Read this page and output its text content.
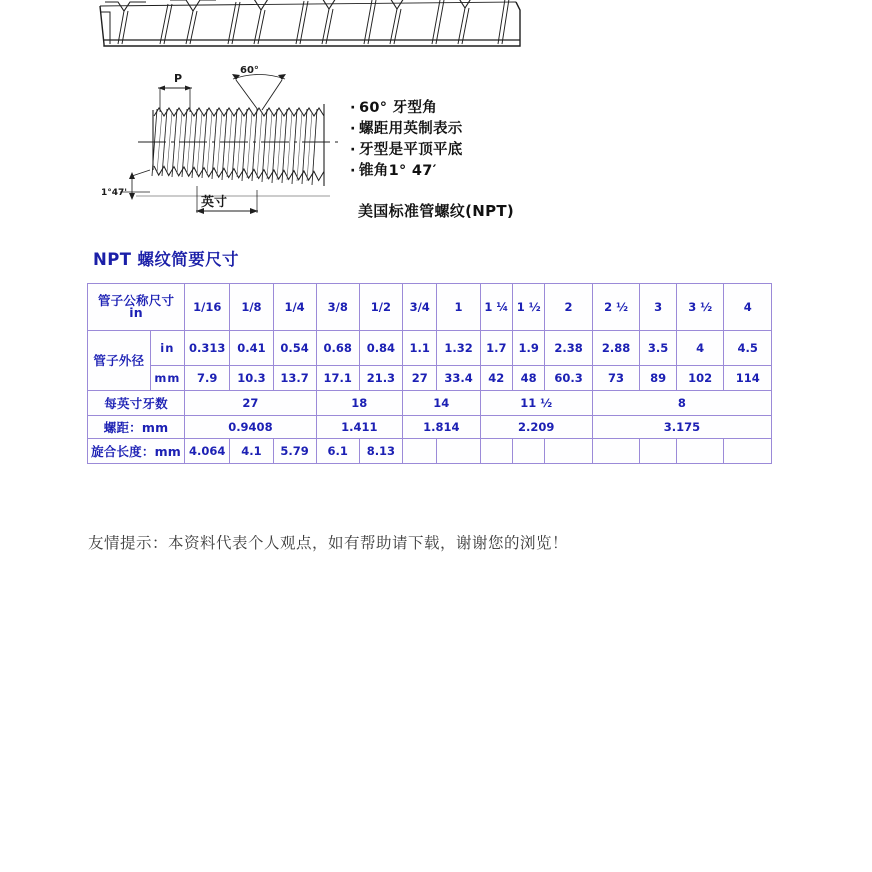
P
60°
1°47'
英寸
· 60° 牙型角
· 螺距用英制表示
· 牙型是平顶平底
· 锥角1° 47′
美国标准管螺纹(NPT)
NPT 螺纹简要尺寸
管子公称尺寸
in		1/16	1/8	1/4	3/8	1/2	3/4	1	1 ¼	1 ½	2	2 ½	3	3 ½	4
管子外径	in	0.313	0.41	0.54	0.68	0.84	1.1	1.32	1.7	1.9	2.38	2.88	3.5	4	4.5
	mm	7.9	10.3	13.7	17.1	21.3	27	33.4	42	48	60.3	73	89	102	114
每英寸牙数		27			18		14		11 ½			8			
螺距：mm		0.9408			1.411		1.814		2.209			3.175			
旋合长度：mm		4.064	4.1	5.79	6.1	8.13									
友情提示：本资料代表个人观点，如有帮助请下载，谢谢您的浏览！
